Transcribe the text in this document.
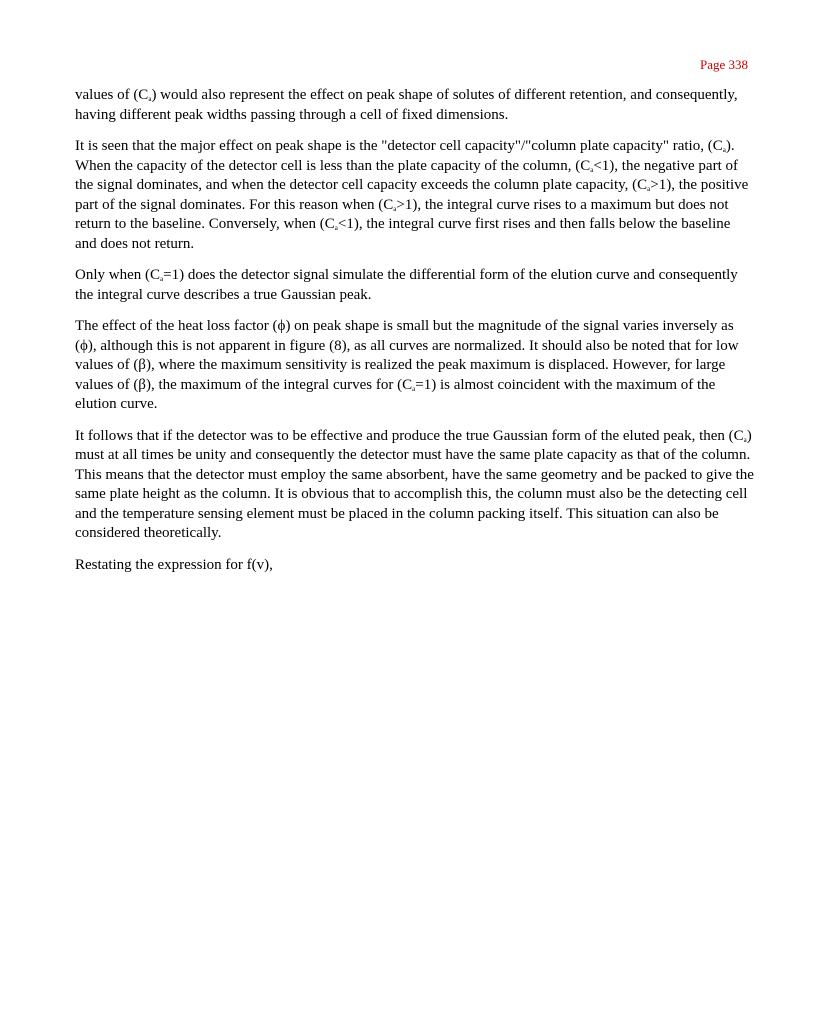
Page 338

values of $(C_a)$ would also represent the effect on peak shape of solutes of different retention, and consequently, having different peak widths passing through a cell of fixed dimensions.

It is seen that the major effect on peak shape is the "detector cell capacity"/"column plate capacity" ratio, $(C_a)$. When the capacity of the detector cell is less than the plate capacity of the column, $(C_a<1)$, the negative part of the signal dominates, and when the detector cell capacity exceeds the column plate capacity, $(C_a>1)$, the positive part of the signal dominates. For this reason when $(C_a>1)$, the integral curve rises to a maximum but does not return to the baseline. Conversely, when $(C_a<1)$, the integral curve first rises and then falls below the baseline and does not return.

Only when $(C_a=1)$ does the detector signal simulate the differential form of the elution curve and consequently the integral curve describes a true Gaussian peak.

The effect of the heat loss factor (ϕ) on peak shape is small but the magnitude of the signal varies inversely as (ϕ), although this is not apparent in figure (8), as all curves are normalized. It should also be noted that for low values of (β), where the maximum sensitivity is realized the peak maximum is displaced. However, for large values of (β), the maximum of the integral curves for $(C_a=1)$ is almost coincident with the maximum of the elution curve.

It follows that if the detector was to be effective and produce the true Gaussian form of the eluted peak, then $(C_a)$ must at all times be unity and consequently the detector must have the same plate capacity as that of the column. This means that the detector must employ the same absorbent, have the same geometry and be packed to give the same plate height as the column. It is obvious that to accomplish this, the column must also be the detecting cell and the temperature sensing element must be placed in the column packing itself. This situation can also be considered theoretically.

Restating the expression for f(v),
